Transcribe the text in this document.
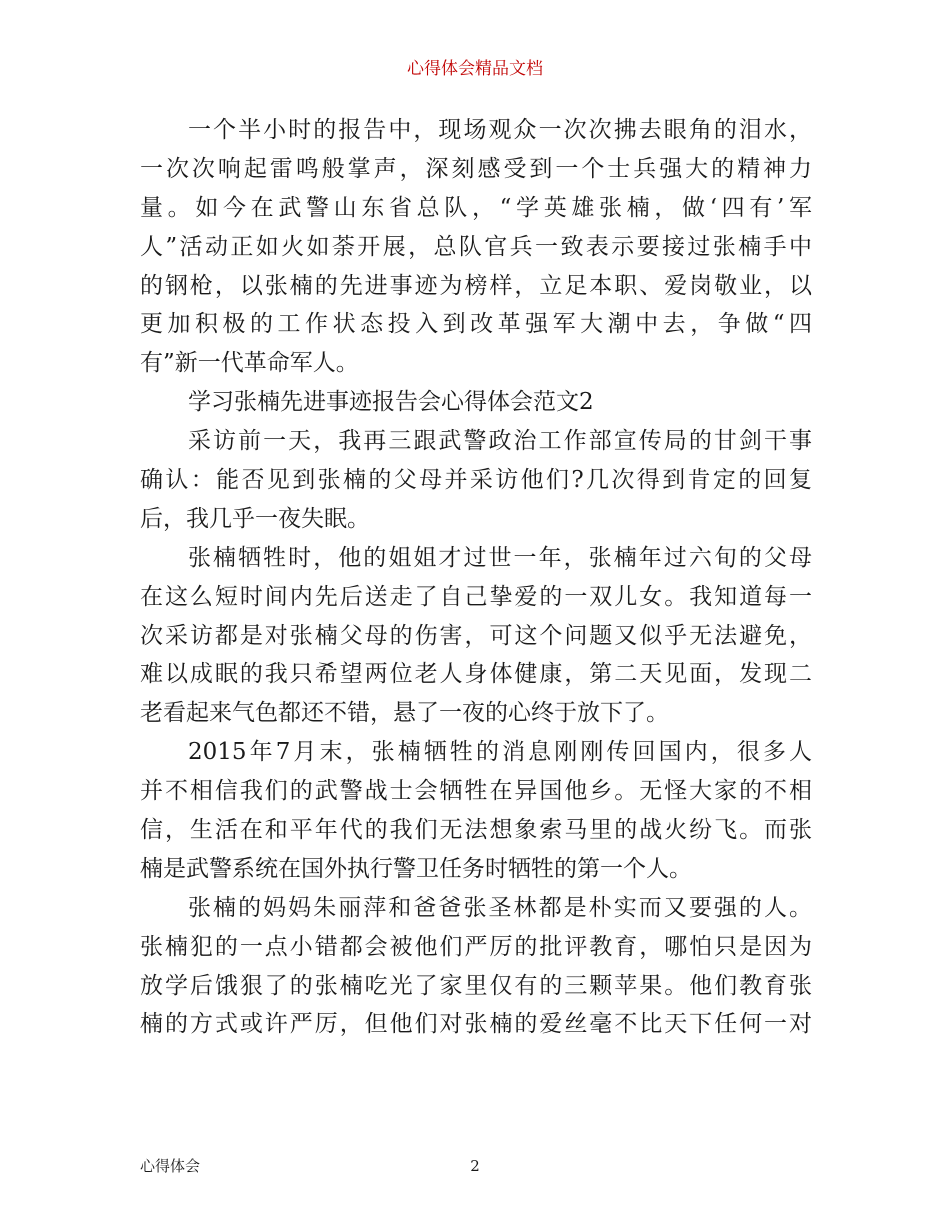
心得体会精品文档
一个半小时的报告中，现场观众一次次拂去眼角的泪水，
一次次响起雷鸣般掌声，深刻感受到一个士兵强大的精神力
量。如今在武警山东省总队，“学英雄张楠，做‘四有’军
人”活动正如火如荼开展，总队官兵一致表示要接过张楠手中
的钢枪，以张楠的先进事迹为榜样，立足本职、爱岗敬业，以
更加积极的工作状态投入到改革强军大潮中去，争做“四
有”新一代革命军人。
学习张楠先进事迹报告会心得体会范文2
采访前一天，我再三跟武警政治工作部宣传局的甘剑干事
确认：能否见到张楠的父母并采访他们?几次得到肯定的回复
后，我几乎一夜失眠。
张楠牺牲时，他的姐姐才过世一年，张楠年过六旬的父母
在这么短时间内先后送走了自己挚爱的一双儿女。我知道每一
次采访都是对张楠父母的伤害，可这个问题又似乎无法避免，
难以成眠的我只希望两位老人身体健康，第二天见面，发现二
老看起来气色都还不错，悬了一夜的心终于放下了。
2015年7月末，张楠牺牲的消息刚刚传回国内，很多人
并不相信我们的武警战士会牺牲在异国他乡。无怪大家的不相
信，生活在和平年代的我们无法想象索马里的战火纷飞。而张
楠是武警系统在国外执行警卫任务时牺牲的第一个人。
张楠的妈妈朱丽萍和爸爸张圣林都是朴实而又要强的人。
张楠犯的一点小错都会被他们严厉的批评教育，哪怕只是因为
放学后饿狠了的张楠吃光了家里仅有的三颗苹果。他们教育张
楠的方式或许严厉，但他们对张楠的爱丝毫不比天下任何一对
心得体会	2
